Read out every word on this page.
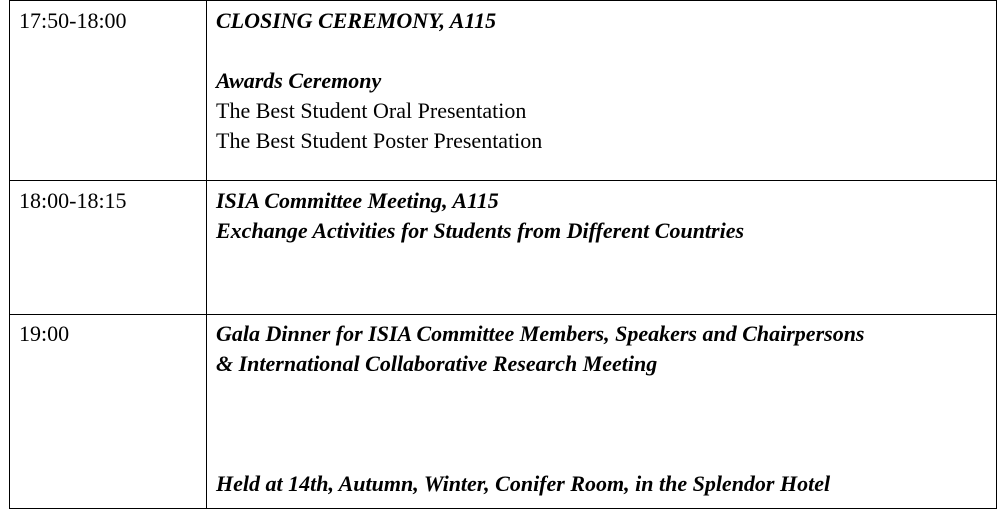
17:50-18:00	CLOSING CEREMONY, A115
Awards Ceremony
The Best Student Oral Presentation
The Best Student Poster Presentation

18:00-18:15	ISIA Committee Meeting, A115
Exchange Activities for Students from Different Countries

19:00	Gala Dinner for ISIA Committee Members, Speakers and Chairpersons
& International Collaborative Research Meeting
Held at 14th, Autumn, Winter, Conifer Room, in the Splendor Hotel
